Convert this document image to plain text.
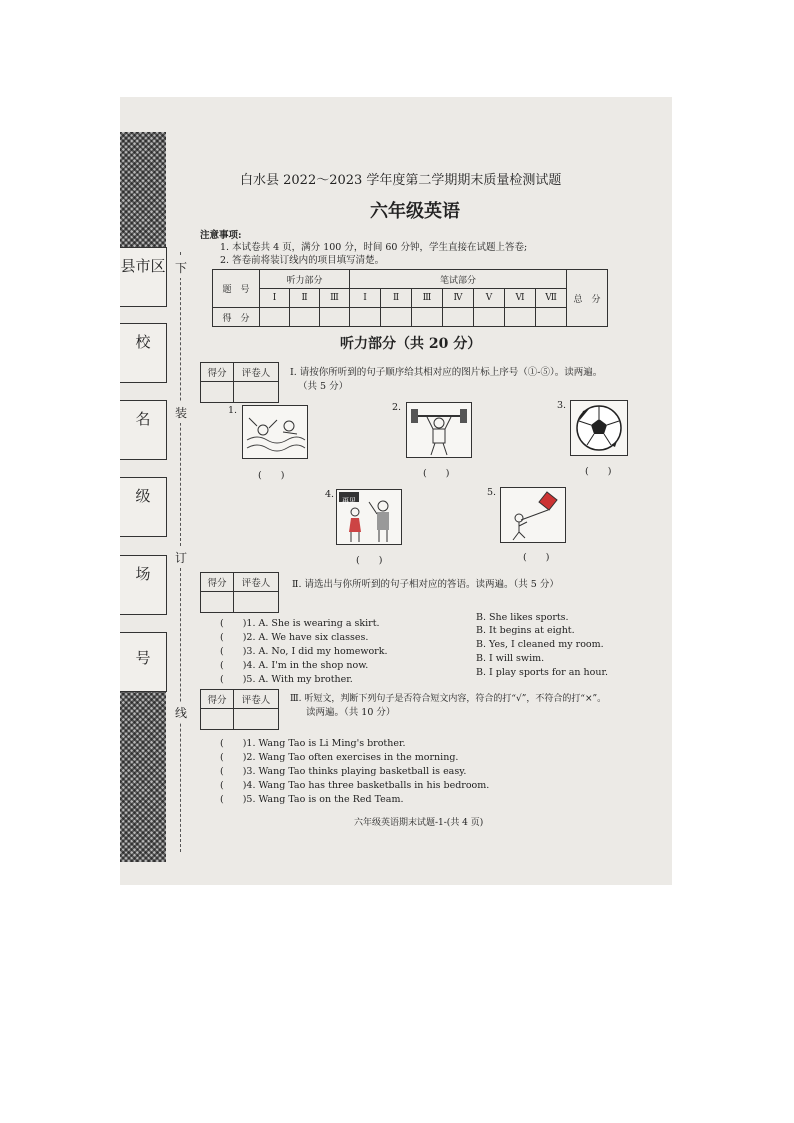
县市区
校
名
级
场
号
下
装
订
线
白水县 2022～2023 学年度第二学期期末质量检测试题
六年级英语
注意事项:
1. 本试卷共 4 页，满分 100 分，时间 60 分钟，学生直接在试题上答卷;
2. 答卷前将装订线内的项目填写清楚。
题　号	听力部分			笔试部分							总　分
	Ⅰ	Ⅱ	Ⅲ	Ⅰ	Ⅱ	Ⅲ	Ⅳ	Ⅴ	Ⅵ	Ⅶ	
得　分											
听力部分（共 20 分）
得分	评卷人
	Ⅰ. 请按你所听到的句子顺序给其相对应的图片标上序号（①-⑤）。读两遍。
（共 5 分）
1.
(　　)
2.
(　　)
3.
(　　)
4.
再见
(　　)
5.
(　　)
得分	评卷人
	Ⅱ. 请选出与你所听到的句子相对应的答语。读两遍。（共 5 分）
(　　)1. A. She is wearing a skirt.
B. She likes sports.
(　　)2. A. We have six classes.
B. It begins at eight.
(　　)3. A. No, I did my homework.
B. Yes, I cleaned my room.
(　　)4. A. I'm in the shop now.
B. I will swim.
(　　)5. A. With my brother.
B. I play sports for an hour.
得分	评卷人
	Ⅲ. 听短文，判断下列句子是否符合短文内容，符合的打“√”，不符合的打“×”。
读两遍。（共 10 分）
(　　)1. Wang Tao is Li Ming's brother.
(　　)2. Wang Tao often exercises in the morning.
(　　)3. Wang Tao thinks playing basketball is easy.
(　　)4. Wang Tao has three basketballs in his bedroom.
(　　)5. Wang Tao is on the Red Team.
六年级英语期末试题-1-(共 4 页)
